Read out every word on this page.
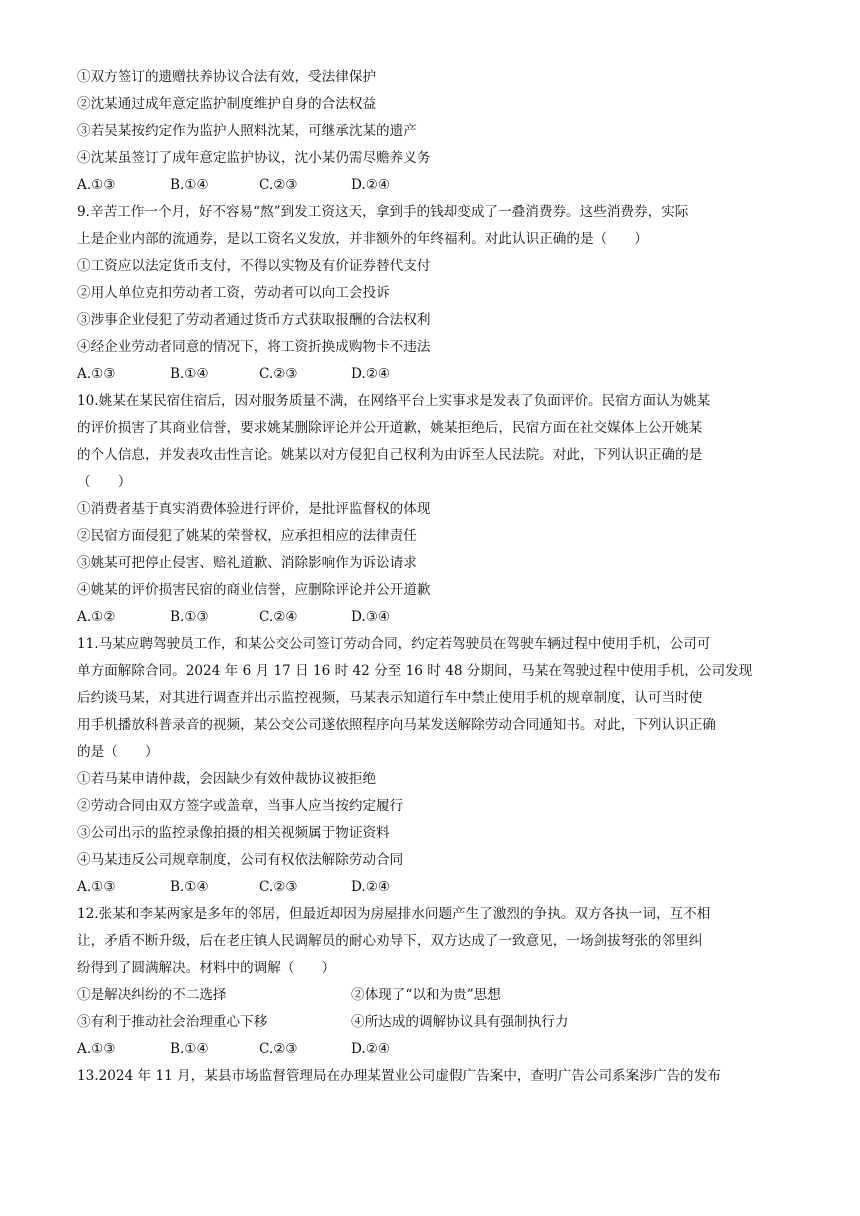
①双方签订的遗赠扶养协议合法有效，受法律保护
②沈某通过成年意定监护制度维护自身的合法权益
③若吴某按约定作为监护人照料沈某，可继承沈某的遗产
④沈某虽签订了成年意定监护协议，沈小某仍需尽赡养义务
A.①③	B.①④	C.②③	D.②④
9.辛苦工作一个月，好不容易“熬”到发工资这天，拿到手的钱却变成了一叠消费券。这些消费券，实际
上是企业内部的流通券，是以工资名义发放，并非额外的年终福利。对此认识正确的是（　　）
①工资应以法定货币支付，不得以实物及有价证券替代支付
②用人单位克扣劳动者工资，劳动者可以向工会投诉
③涉事企业侵犯了劳动者通过货币方式获取报酬的合法权利
④经企业劳动者同意的情况下，将工资折换成购物卡不违法
A.①③	B.①④	C.②③	D.②④
10.姚某在某民宿住宿后，因对服务质量不满，在网络平台上实事求是发表了负面评价。民宿方面认为姚某
的评价损害了其商业信誉，要求姚某删除评论并公开道歉，姚某拒绝后，民宿方面在社交媒体上公开姚某
的个人信息，并发表攻击性言论。姚某以对方侵犯自己权利为由诉至人民法院。对此，下列认识正确的是
（　　）
①消费者基于真实消费体验进行评价，是批评监督权的体现
②民宿方面侵犯了姚某的荣誉权，应承担相应的法律责任
③姚某可把停止侵害、赔礼道歉、消除影响作为诉讼请求
④姚某的评价损害民宿的商业信誉，应删除评论并公开道歉
A.①②	B.①③	C.②④	D.③④
11.马某应聘驾驶员工作，和某公交公司签订劳动合同，约定若驾驶员在驾驶车辆过程中使用手机，公司可
单方面解除合同。2024 年 6 月 17 日 16 时 42 分至 16 时 48 分期间，马某在驾驶过程中使用手机，公司发现
后约谈马某，对其进行调查并出示监控视频，马某表示知道行车中禁止使用手机的规章制度，认可当时使
用手机播放科普录音的视频，某公交公司遂依照程序向马某发送解除劳动合同通知书。对此，下列认识正确
的是（　　）
①若马某申请仲裁，会因缺少有效仲裁协议被拒绝
②劳动合同由双方签字或盖章，当事人应当按约定履行
③公司出示的监控录像拍摄的相关视频属于物证资料
④马某违反公司规章制度，公司有权依法解除劳动合同
A.①③	B.①④	C.②③	D.②④
12.张某和李某两家是多年的邻居，但最近却因为房屋排水问题产生了激烈的争执。双方各执一词，互不相
让，矛盾不断升级，后在老庄镇人民调解员的耐心劝导下，双方达成了一致意见，一场剑拔弩张的邻里纠
纷得到了圆满解决。材料中的调解（　　）
①是解决纠纷的不二选择	②体现了“以和为贵”思想
③有利于推动社会治理重心下移	④所达成的调解协议具有强制执行力
A.①③	B.①④	C.②③	D.②④
13.2024 年 11 月，某县市场监督管理局在办理某置业公司虚假广告案中，查明广告公司系案涉广告的发布
